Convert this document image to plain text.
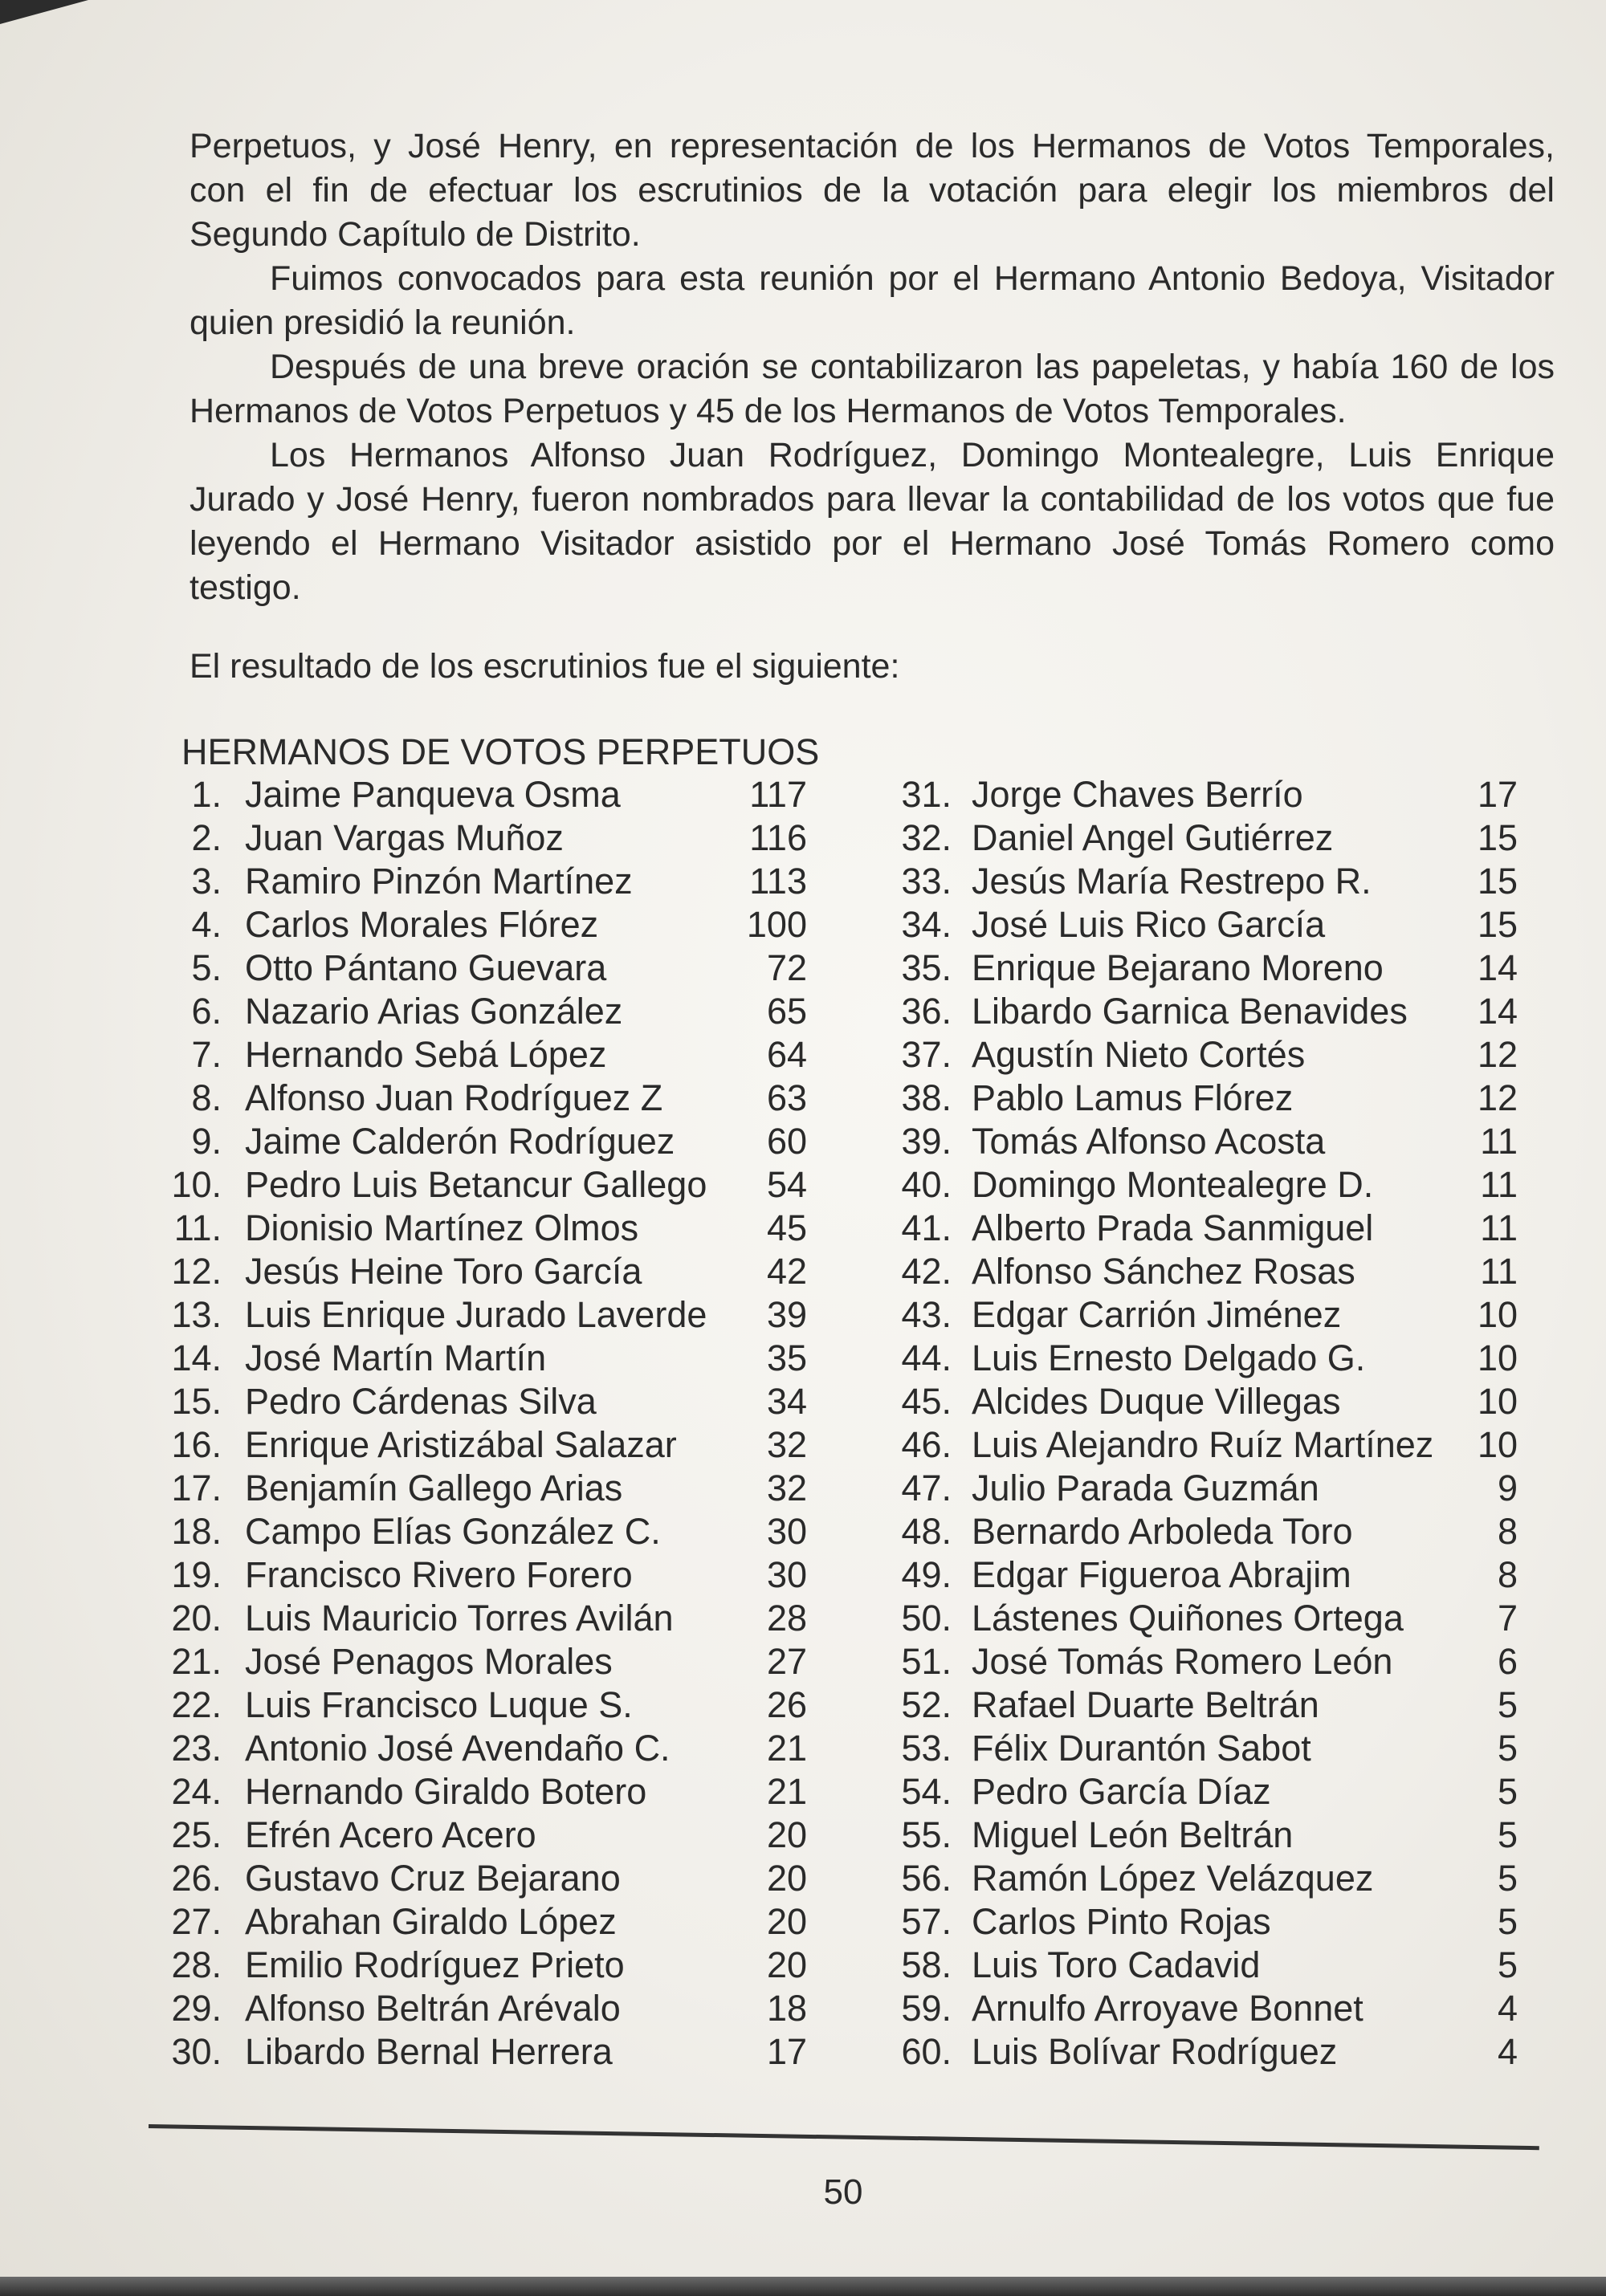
Perpetuos, y José Henry, en representación de los Hermanos de Votos Temporales,
con el fin de efectuar los escrutinios de la votación para elegir los miembros del
Segundo Capítulo de Distrito.
Fuimos convocados para esta reunión por el Hermano Antonio Bedoya, Visitador
quien presidió la reunión.
Después de una breve oración se contabilizaron las papeletas, y había 160 de los
Hermanos de Votos Perpetuos y 45 de los Hermanos de Votos Temporales.
Los Hermanos Alfonso Juan Rodríguez, Domingo Montealegre, Luis Enrique
Jurado y José Henry, fueron nombrados para llevar la contabilidad de los votos que fue
leyendo el Hermano Visitador asistido por el Hermano José Tomás Romero como
testigo.
El resultado de los escrutinios fue el siguiente:
HERMANOS DE VOTOS PERPETUOS
1. Jaime Panqueva Osma	117
2. Juan Vargas Muñoz	116
3. Ramiro Pinzón Martínez	113
4. Carlos Morales Flórez	100
5. Otto Pántano Guevara	72
6. Nazario Arias González	65
7. Hernando Sebá López	64
8. Alfonso Juan Rodríguez Z	63
9. Jaime Calderón Rodríguez	60
10. Pedro Luis Betancur Gallego	54
11. Dionisio Martínez Olmos	45
12. Jesús Heine Toro García	42
13. Luis Enrique Jurado Laverde	39
14. José Martín Martín	35
15. Pedro Cárdenas Silva	34
16. Enrique Aristizábal Salazar	32
17. Benjamín Gallego Arias	32
18. Campo Elías González C.	30
19. Francisco Rivero Forero	30
20. Luis Mauricio Torres Avilán	28
21. José Penagos Morales	27
22. Luis Francisco Luque S.	26
23. Antonio José Avendaño C.	21
24. Hernando Giraldo Botero	21
25. Efrén Acero Acero	20
26. Gustavo Cruz Bejarano	20
27. Abrahan Giraldo López	20
28. Emilio Rodríguez Prieto	20
29. Alfonso Beltrán Arévalo	18
30. Libardo Bernal Herrera	17
31. Jorge Chaves Berrío	17
32. Daniel Angel Gutiérrez	15
33. Jesús María Restrepo R.	15
34. José Luis Rico García	15
35. Enrique Bejarano Moreno	14
36. Libardo Garnica Benavides	14
37. Agustín Nieto Cortés	12
38. Pablo Lamus Flórez	12
39. Tomás Alfonso Acosta	11
40. Domingo Montealegre D.	11
41. Alberto Prada Sanmiguel	11
42. Alfonso Sánchez Rosas	11
43. Edgar Carrión Jiménez	10
44. Luis Ernesto Delgado G.	10
45. Alcides Duque Villegas	10
46. Luis Alejandro Ruíz Martínez	10
47. Julio Parada Guzmán	9
48. Bernardo Arboleda Toro	8
49. Edgar Figueroa Abrajim	8
50. Lástenes Quiñones Ortega	7
51. José Tomás Romero León	6
52. Rafael Duarte Beltrán	5
53. Félix Durantón Sabot	5
54. Pedro García Díaz	5
55. Miguel León Beltrán	5
56. Ramón López Velázquez	5
57. Carlos Pinto Rojas	5
58. Luis Toro Cadavid	5
59. Arnulfo Arroyave Bonnet	4
60. Luis Bolívar Rodríguez	4
50
